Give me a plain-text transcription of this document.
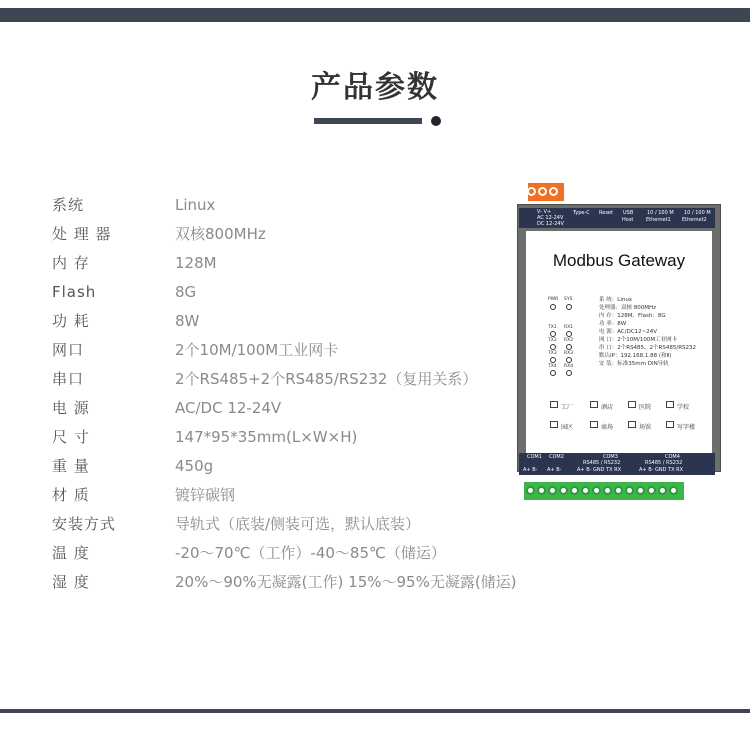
产品参数
系统	Linux
处 理 器	双核800MHz
内 存	128M
Flash	8G
功 耗	8W
网口	2个10M/100M工业网卡
串口	2个RS485+2个RS485/RS232（复用关系）
电 源	AC/DC 12-24V
尺 寸	147*95*35mm(L×W×H)
重 量	450g
材 质	镀锌碳钢
安装方式	导轨式（底装/侧装可选，默认底装）
温 度	-20～70℃（工作）-40～85℃（储运）
湿 度	20%～90%无凝露(工作) 15%～95%无凝露(储运)
V- V+
AC 12-24V
DC 12-24V
Type-C Reset USB
Host
10 / 100 M
Ethernet1
10 / 100 M
Ethernet2
Modbus Gateway
PWR SYS
TX1 RX1
TX2 RX2
TX3 RX3
TX4 RX4
系 统：Linux
处理器：双核 800MHz
内 存：128M、Flash：8G
功 率：8W
电 源：AC/DC12~24V
网 口：2个10M/100M工业网卡
串 口：2个RS485、2个RS485/RS232
默认IP：192.168.1.88 (和Ⅱ)
安 装：标准35mm DIN导轨
工厂	酒店	医院	学校
园区	商场	场馆	写字楼
COM1 COM2	COM3	COM4
RS485 / RS232	RS485 / RS232
A+ B- A+ B-	A+ B- GND TX RX	A+ B- GND TX RX
